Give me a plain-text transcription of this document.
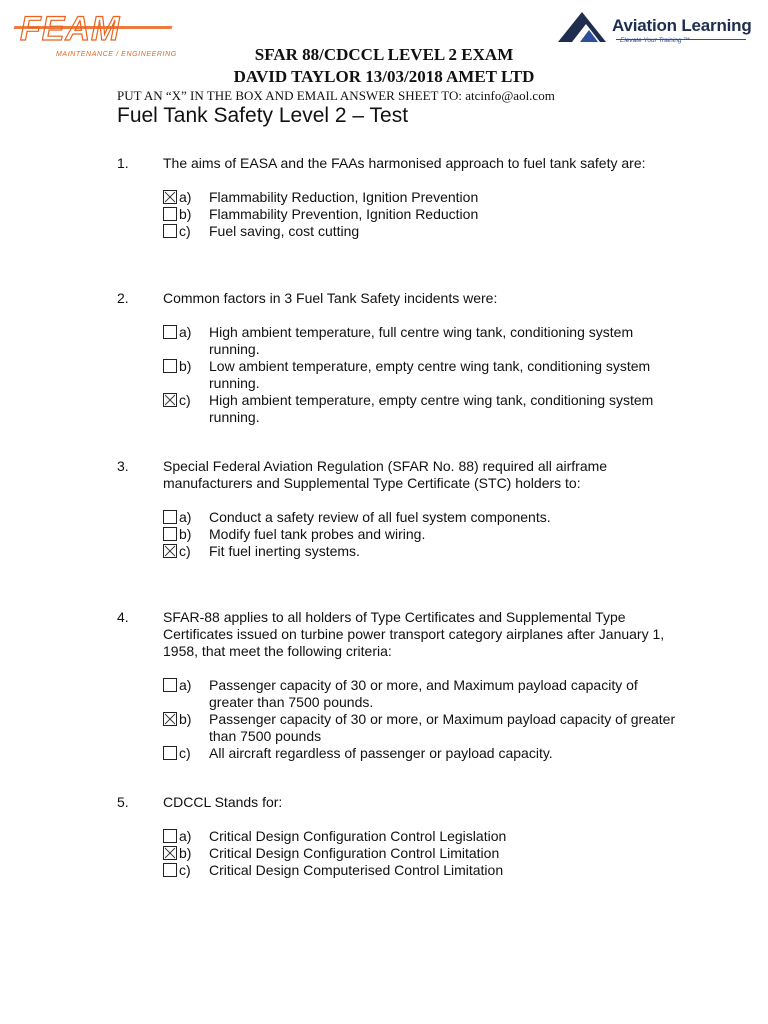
FEAM
MAINTENANCE / ENGINEERING
Aviation Learning
Elevate Your Training ™
SFAR 88/CDCCL LEVEL 2 EXAM
DAVID TAYLOR 13/03/2018 AMET LTD
PUT AN “X” IN THE BOX AND EMAIL ANSWER SHEET TO: atcinfo@aol.com
Fuel Tank Safety Level 2 – Test
1. The aims of EASA and the FAAs harmonised approach to fuel tank safety are:
a) Flammability Reduction, Ignition Prevention
b) Flammability Prevention, Ignition Reduction
c) Fuel saving, cost cutting
2. Common factors in 3 Fuel Tank Safety incidents were:
a) High ambient temperature, full centre wing tank, conditioning system running.
b) Low ambient temperature, empty centre wing tank, conditioning system running.
c) High ambient temperature, empty centre wing tank, conditioning system running.
3. Special Federal Aviation Regulation (SFAR No. 88) required all airframe manufacturers and Supplemental Type Certificate (STC) holders to:
a) Conduct a safety review of all fuel system components.
b) Modify fuel tank probes and wiring.
c) Fit fuel inerting systems.
4. SFAR-88 applies to all holders of Type Certificates and Supplemental Type Certificates issued on turbine power transport category airplanes after January 1, 1958, that meet the following criteria:
a) Passenger capacity of 30 or more, and Maximum payload capacity of greater than 7500 pounds.
b) Passenger capacity of 30 or more, or Maximum payload capacity of greater than 7500 pounds
c) All aircraft regardless of passenger or payload capacity.
5. CDCCL Stands for:
a) Critical Design Configuration Control Legislation
b) Critical Design Configuration Control Limitation
c) Critical Design Computerised Control Limitation
